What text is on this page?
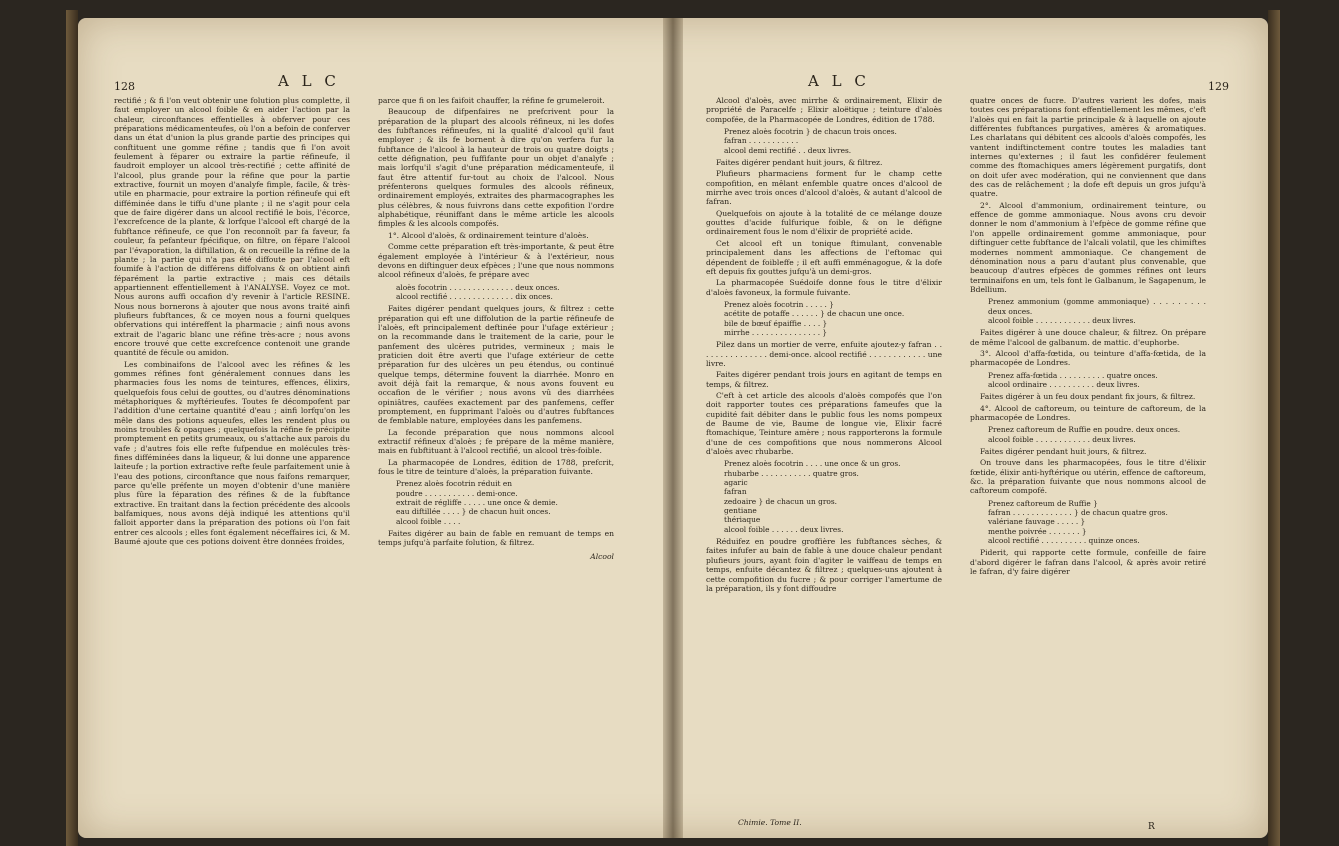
128	A L C

rectifié ; & fi l'on veut obtenir une folution plus complette, il faut employer un alcool foible & en aider l'action par la chaleur, circonftances effentielles à obferver pour ces préparations médicamenteufes, où l'on a befoin de conferver dans un état d'union la plus grande partie des principes qui conftituent une gomme réfine ; tandis que fi l'on avoit feulement à féparer ou extraire la partie réfineufe, il faudroit employer un alcool très-rectifié ; cette affinité de l'alcool, plus grande pour la réfine que pour la partie extractive, fournit un moyen d'analyfe fimple, facile, & très-utile en pharmacie, pour extraire la portion réfineufe qui eft difféminée dans le tiffu d'une plante ; il ne s'agit pour cela que de faire digérer dans un alcool rectifié le bois, l'écorce, l'excrefcence de la plante, & lorfque l'alcool eft chargé de la fubftance réfineufe, ce que l'on reconnoît par fa faveur, fa couleur, fa pefanteur fpécifique, on filtre, on fépare l'alcool par l'évaporation, la diftillation, & on recueille la réfine de la plante ; la partie qui n'a pas été diffoute par l'alcool eft foumife à l'action de différens diffolvans & on obtient ainfi féparément la partie extractive ; mais ces détails appartiennent effentiellement à l'ANALYSE. Voyez ce mot. Nous aurons auffi occafion d'y revenir à l'article RESINE. Nous nous bornerons à ajouter que nous avons traité ainfi plufieurs fubftances, & ce moyen nous a fourni quelques obfervations qui intéreffent la pharmacie ; ainfi nous avons extrait de l'agaric blanc une réfine très-acre ; nous avons encore trouvé que cette excrefcence contenoit une grande quantité de fécule ou amidon.

Les combinaifons de l'alcool avec les réfines & les gommes réfines font généralement connues dans les pharmacies fous les noms de teintures, effences, élixirs, quelquefois fous celui de gouttes, ou d'autres dénominations métaphoriques & myftérieufes. Toutes fe décompofent par l'addition d'une certaine quantité d'eau ; ainfi lorfqu'on les mêle dans des potions aqueufes, elles les rendent plus ou moins troubles & opaques ; quelquefois la réfine fe précipite promptement en petits grumeaux, ou s'attache aux parois du vafe ; d'autres fois elle refte fufpendue en molécules très-fines difféminées dans la liqueur, & lui donne une apparence laiteufe ; la portion extractive refte feule parfaitement unie à l'eau des potions, circonftance que nous faifons remarquer, parce qu'elle préfente un moyen d'obtenir d'une manière plus fûre la féparation des réfines & de la fubftance extractive. En traitant dans la fection précédente des alcools balfamiques, nous avons déjà indiqué les attentions qu'il falloit apporter dans la préparation des potions où l'on fait entrer ces alcools ; elles font également néceffaires ici, & M. Baumé ajoute que ces potions doivent être données froides,

parce que fi on les faifoit chauffer, la réfine fe grumeleroit.

Beaucoup de difpenfaires ne prefcrivent pour la préparation de la plupart des alcools réfineux, ni les dofes des fubftances réfineufes, ni la qualité d'alcool qu'il faut employer ; & ils fe bornent à dire qu'on verfera fur la fubftance de l'alcool à la hauteur de trois ou quatre doigts ; cette défignation, peu fuffifante pour un objet d'analyfe ; mais lorfqu'il s'agit d'une préparation médicamenteufe, il faut être attentif fur-tout au choix de l'alcool. Nous préfenterons quelques formules des alcools réfineux, ordinairement employés, extraites des pharmacographes les plus célèbres, & nous fuivrons dans cette expofition l'ordre alphabétique, réuniffant dans le même article les alcools fimples & les alcools compofés.

1°. Alcool d'aloès, & ordinairement teinture d'aloès.

Comme cette préparation eft très-importante, & peut être également employée à l'intérieur & à l'extérieur, nous devons en diftinguer deux efpèces ; l'une que nous nommons alcool réfineux d'aloès, fe prépare avec

aloès focotrin . . . . . . . . . . . . . . deux onces.
alcool rectifié . . . . . . . . . . . . . . dix onces.

Faites digérer pendant quelques jours, & filtrez : cette préparation qui eft une diffolution de la partie réfineufe de l'aloès, eft principalement deftinée pour l'ufage extérieur ; on la recommande dans le traitement de la carie, pour le panfement des ulcères putrides, vermineux ; mais le praticien doit être averti que l'ufage extérieur de cette préparation fur des ulcères un peu étendus, ou continué quelque temps, détermine fouvent la diarrhée. Monro en avoit déjà fait la remarque, & nous avons fouvent eu occafion de le vérifier ; nous avons vû des diarrhées opiniâtres, caufées exactement par des panfemens, ceffer promptement, en fupprimant l'aloès ou d'autres fubftances de femblable nature, employées dans les panfemens.

La feconde préparation que nous nommons alcool extractif réfineux d'aloès ; fe prépare de la même manière, mais en fubftituant à l'alcool rectifié, un alcool très-foible.

La pharmacopée de Londres, édition de 1788, prefcrit, fous le titre de teinture d'aloès, la préparation fuivante.

Prenez aloès focotrin réduit en
poudre . . . . . . . . . . . demi-once.
extrait de régliffe . . . . . une once & demie.
eau diftillée . . . . } de chacun huit onces.
alcool foible . . . .

Faites digérer au bain de fable en remuant de temps en temps jufqu'à parfaite folution, & filtrez.

Alcool
A L C	129

Alcool d'aloès, avec mirrhe & ordinairement, Elixir de propriété de Paracelfe ; Elixir aloëtique ; teinture d'aloès compofée, de la Pharmacopée de Londres, édition de 1788.

Prenez aloès focotrin } de chacun trois onces.
fafran . . . . . . . . . . .
alcool demi rectifié . . deux livres.

Faites digérer pendant huit jours, & filtrez.

Plufieurs pharmaciens forment fur le champ cette compofition, en mêlant enfemble quatre onces d'alcool de mirrhe avec trois onces d'alcool d'aloès, & autant d'alcool de fafran.

Quelquefois on ajoute à la totalité de ce mélange douze gouttes d'acide fulfurique foible, & on le défigne ordinairement fous le nom d'élixir de propriété acide.

Cet alcool eft un tonique ftimulant, convenable principalement dans les affections de l'eftomac qui dépendent de foibleffe ; il eft auffi emménagogue, & la dofe eft depuis fix gouttes jufqu'à un demi-gros.

La pharmacopée Suédoife donne fous le titre d'élixir d'aloès favoneux, la formule fuivante.

Prenez aloès focotrin . . . . . }
acétite de potaffe . . . . . . } de chacun une once.
bile de bœuf épaiffie . . . . }
mirrhe . . . . . . . . . . . . . . . }

Pilez dans un mortier de verre, enfuite ajoutez-y fafran . . . . . . . . . . . . . . . demi-once. alcool rectifié . . . . . . . . . . . . une livre.

Faites digérer pendant trois jours en agitant de temps en temps, & filtrez.

C'eft à cet article des alcools d'aloès compofés que l'on doit rapporter toutes ces préparations fameufes que la cupidité fait débiter dans le public fous les noms pompeux de Baume de vie, Baume de longue vie, Elixir facré ftomachique, Teinture amère ; nous rapporterons la formule d'une de ces compofitions que nous nommerons Alcool d'aloès avec rhubarbe.

Prenez aloès focotrin . . . . une once & un gros.
rhubarbe . . . . . . . . . . . quatre gros.
agaric
fafran
zedoaire } de chacun un gros.
gentiane
thériaque
alcool foible . . . . . . deux livres.

Réduifez en poudre groffière les fubftances sèches, & faites infufer au bain de fable à une douce chaleur pendant plufieurs jours, ayant foin d'agiter le vaiffeau de temps en temps, enfuite décantez & filtrez ; quelques-uns ajoutent à cette compofition du fucre ; & pour corriger l'amertume de la préparation, ils y font diffoudre

Chimie. Tome II.

quatre onces de fucre. D'autres varient les dofes, mais toutes ces préparations font effentiellement les mêmes, c'eft l'aloès qui en fait la partie principale & à laquelle on ajoute différentes fubftances purgatives, amères & aromatiques. Les charlatans qui débitent ces alcools d'aloès compofés, les vantent indiftinctement contre toutes les maladies tant internes qu'externes ; il faut les confidérer feulement comme des ftomachiques amers légèrement purgatifs, dont on doit ufer avec modération, qui ne conviennent que dans des cas de relâchement ; la dofe eft depuis un gros jufqu'à quatre.

2°. Alcool d'ammonium, ordinairement teinture, ou effence de gomme ammoniaque. Nous avons cru devoir donner le nom d'ammonium à l'efpèce de gomme réfine que l'on appelle ordinairement gomme ammoniaque, pour diftinguer cette fubftance de l'alcali volatil, que les chimiftes modernes nomment ammoniaque. Ce changement de dénomination nous a paru d'autant plus convenable, que beaucoup d'autres efpèces de gommes réfines ont leurs terminaifons en um, tels font le Galbanum, le Sagapenum, le Bdellium.

Prenez ammonium (gomme ammoniaque) . . . . . . . . . deux onces.
alcool foible . . . . . . . . . . . . deux livres.

Faites digérer à une douce chaleur, & filtrez. On prépare de même l'alcool de galbanum. de mattic. d'euphorbe.

3°. Alcool d'affa-fœtida, ou teinture d'affa-fœtida, de la pharmacopée de Londres.

Prenez affa-fœtida . . . . . . . . . . quatre onces.
alcool ordinaire . . . . . . . . . . deux livres.

Faites digérer à un feu doux pendant fix jours, & filtrez.

4°. Alcool de caftoreum, ou teinture de caftoreum, de la pharmacopée de Londres.

Prenez caftoreum de Ruffie en poudre. deux onces.
alcool foible . . . . . . . . . . . . deux livres.

Faites digérer pendant huit jours, & filtrez.

On trouve dans les pharmacopées, fous le titre d'élixir fœtide, élixir anti-hyftérique ou utérin, effence de caftoreum, &c. la préparation fuivante que nous nommons alcool de caftoreum compofé.

Prenez caftoreum de Ruffie }
fafran . . . . . . . . . . . . . } de chacun quatre gros.
valériane fauvage . . . . . }
menthe poivrée . . . . . . . }
alcool rectifié . . . . . . . . . . quinze onces.

Piderit, qui rapporte cette formule, confeille de faire d'abord digérer le fafran dans l'alcool, & après avoir retiré le fafran, d'y faire digérer

R
